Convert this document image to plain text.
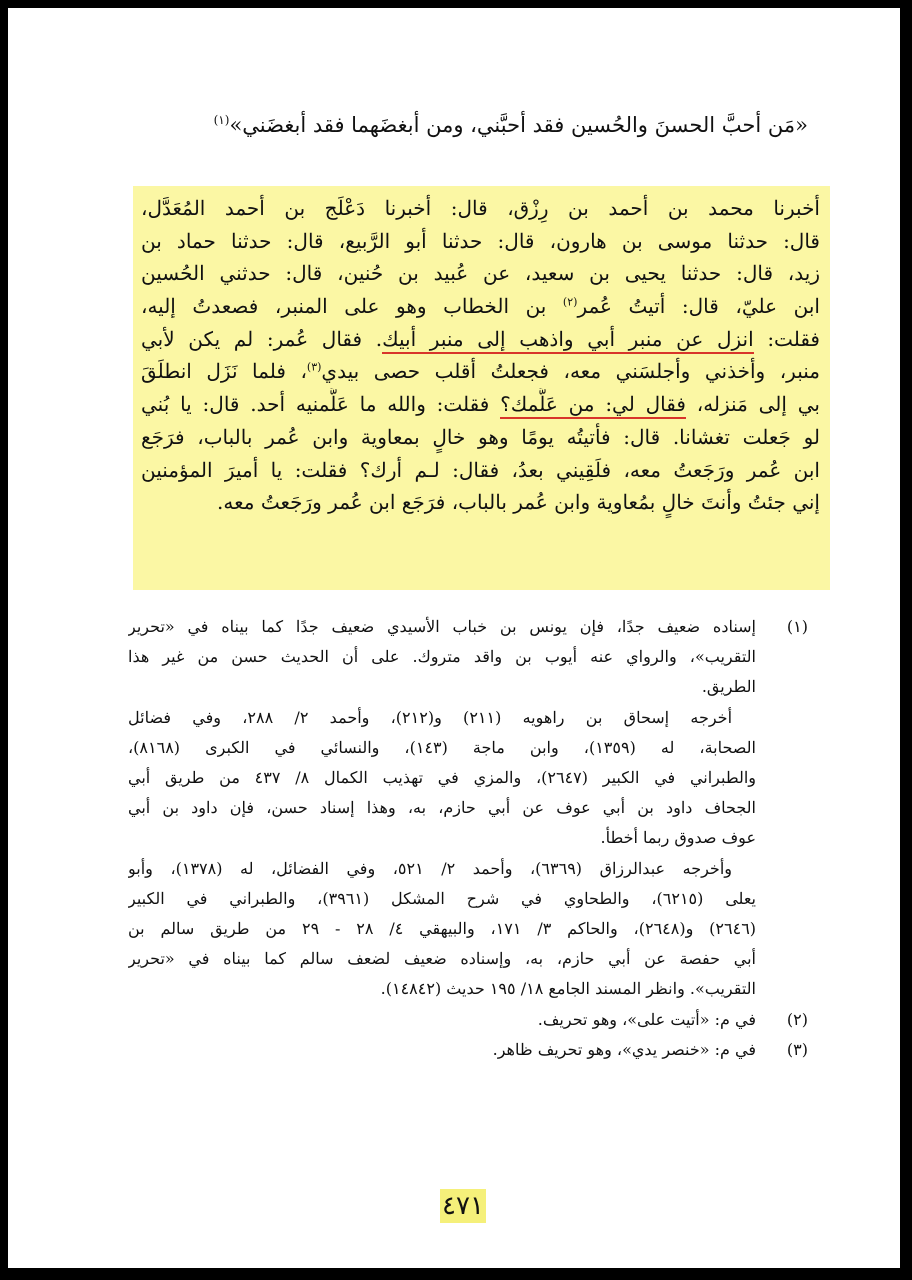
«مَن أحبَّ الحسنَ والحُسين فقد أحبَّني، ومن أبغضَهما فقد أبغضَني»$^{(١)}$
أخبرنا محمد بن أحمد بن رِزْق، قال: أخبرنا دَعْلَج بن أحمد المُعَدَّل،
قال: حدثنا موسى بن هارون، قال: حدثنا أبو الرَّبيع، قال: حدثنا حماد بن
زيد، قال: حدثنا يحيى بن سعيد، عن عُبيد بن حُنين، قال: حدثني الحُسين
ابن عليّ، قال: أتيتُ عُمر$^{(٢)}$ بن الخطاب وهو على المنبر، فصعدتُ إليه،
فقلت: انزل عن منبر أبي واذهب إلى منبر أبيك. فقال عُمر: لم يكن لأبي
منبر، وأخذني وأجلسَني معه، فجعلتُ أقلب حصى بيدي$^{(٣)}$، فلما نَزَل انطلَقَ
بي إلى مَنزله، فقال لي: من عَلَّمك؟ فقلت: والله ما عَلَّمنيه أحد. قال: يا بُني
لو جَعلت تغشانا. قال: فأتيتُه يومًا وهو خالٍ بمعاوية وابن عُمر بالباب، فرَجَع
ابن عُمر ورَجَعتُ معه، فلَقِيني بعدُ، فقال: لـم أرك؟ فقلت: يا أميرَ المؤمنين
إني جئتُ وأنتَ خالٍ بمُعاوية وابن عُمر بالباب، فرَجَع ابن عُمر ورَجَعتُ معه.
(١)
إسناده ضعيف جدًا، فإن يونس بن خباب الأسيدي ضعيف جدًا كما بيناه في «تحرير
التقريب»، والرواي عنه أيوب بن واقد متروك. على أن الحديث حسن من غير هذا
الطريق.
أخرجه إسحاق بن راهويه (٢١١) و(٢١٢)، وأحمد ٢/ ٢٨٨، وفي فضائل
الصحابة، له (١٣٥٩)، وابن ماجة (١٤٣)، والنسائي في الكبرى (٨١٦٨)،
والطبراني في الكبير (٢٦٤٧)، والمزي في تهذيب الكمال ٨/ ٤٣٧ من طريق أبي
الجحاف داود بن أبي عوف عن أبي حازم، به، وهذا إسناد حسن، فإن داود بن أبي
عوف صدوق ربما أخطأ.
وأخرجه عبدالرزاق (٦٣٦٩)، وأحمد ٢/ ٥٢١، وفي الفضائل، له (١٣٧٨)، وأبو
يعلى (٦٢١٥)، والطحاوي في شرح المشكل (٣٩٦١)، والطبراني في الكبير
(٢٦٤٦) و(٢٦٤٨)، والحاكم ٣/ ١٧١، والبيهقي ٤/ ٢٨ - ٢٩ من طريق سالم بن
أبي حفصة عن أبي حازم، به، وإسناده ضعيف لضعف سالم كما بيناه في «تحرير
التقريب». وانظر المسند الجامع ١٨/ ١٩٥ حديث (١٤٨٤٢).
(٢)
في م: «أتيت على»، وهو تحريف.
(٣)
في م: «خنصر يدي»، وهو تحريف ظاهر.
٤٧١
